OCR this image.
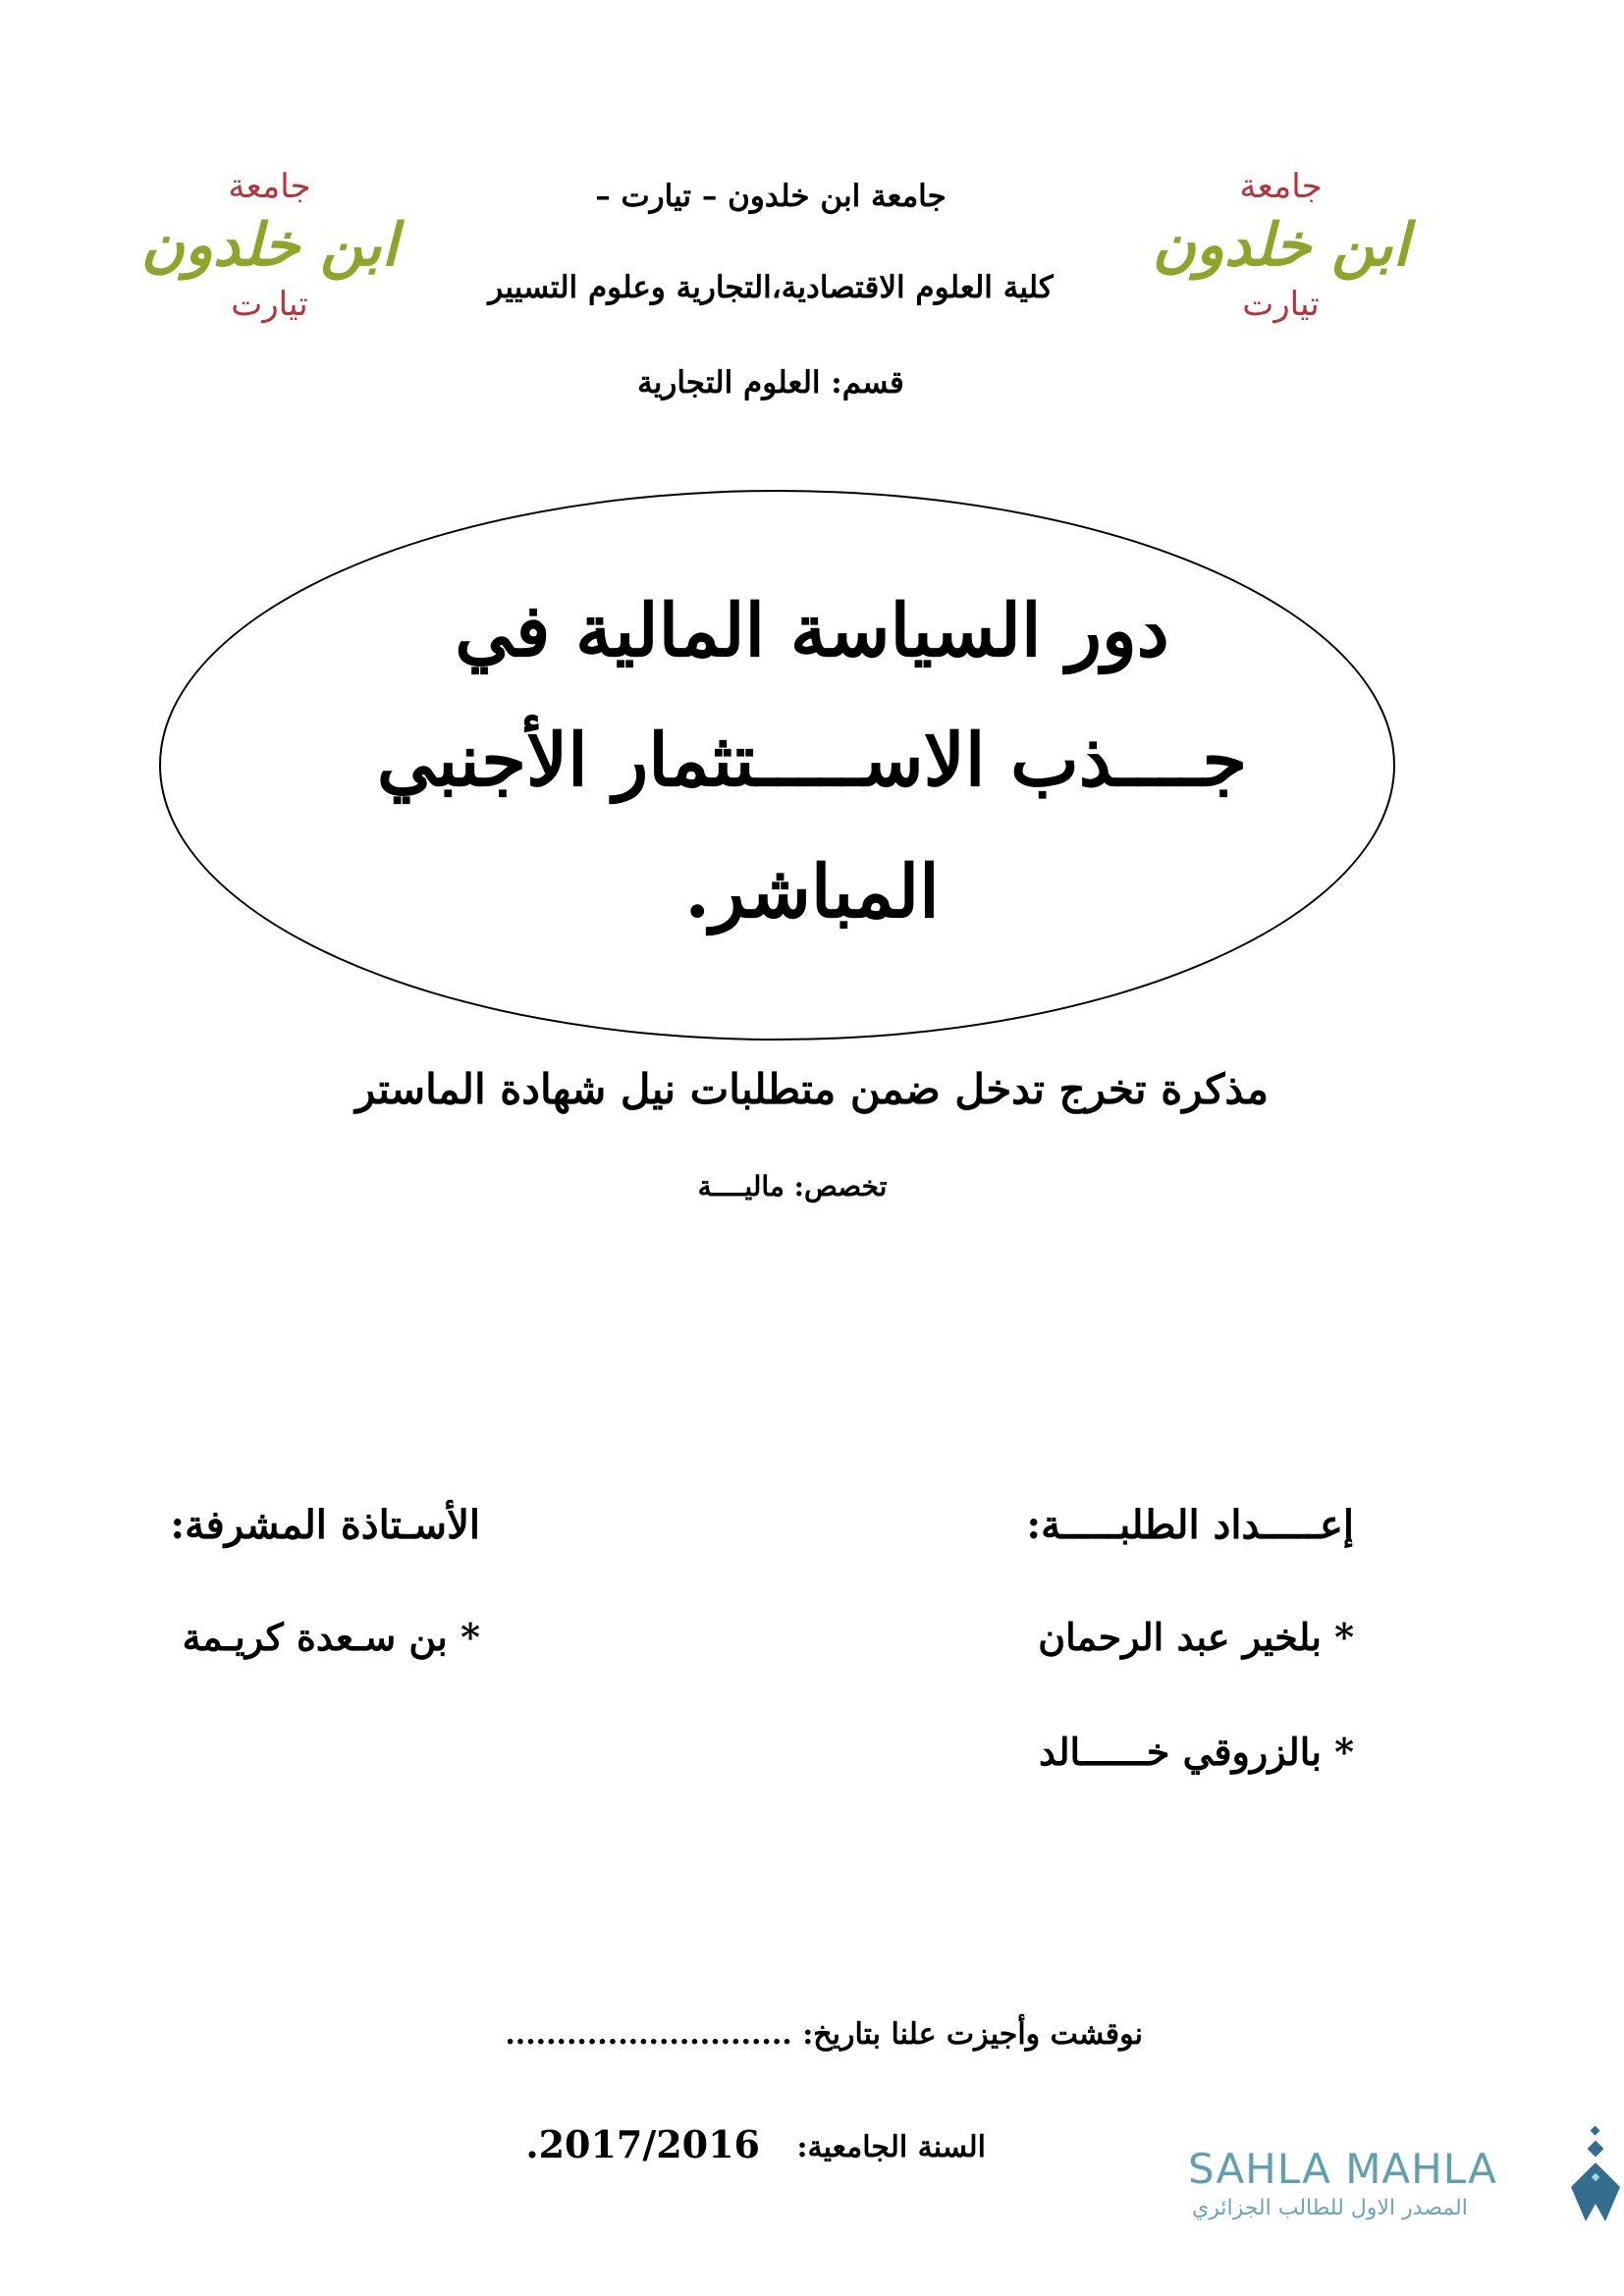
جامعة
ابن خلدون
تيارت
جامعة
ابن خلدون
تيارت
جامعة ابن خلدون – تيارت –
كلية العلوم الاقتصادية،التجارية وعلوم التسيير
قسم: العلوم التجارية
دور السياسة المالية في
جــــذب الاســـــتثمار الأجنبي
المباشر.
مذكرة تخرج تدخل ضمن متطلبات نيل شهادة الماستر
تخصص: ماليــــة
إعـــــداد الطلبـــــة:
* بلخير عبد الرحمان
* بالزروقي خــــــالد
الأسـتاذة المشرفة:
* بن سـعدة كريـمة
نوقشت وأجيزت علنا بتاريخ: ............................
السنة الجامعية:
2017/2016.
SAHLA MAHLA
المصدر الاول للطالب الجزائري
